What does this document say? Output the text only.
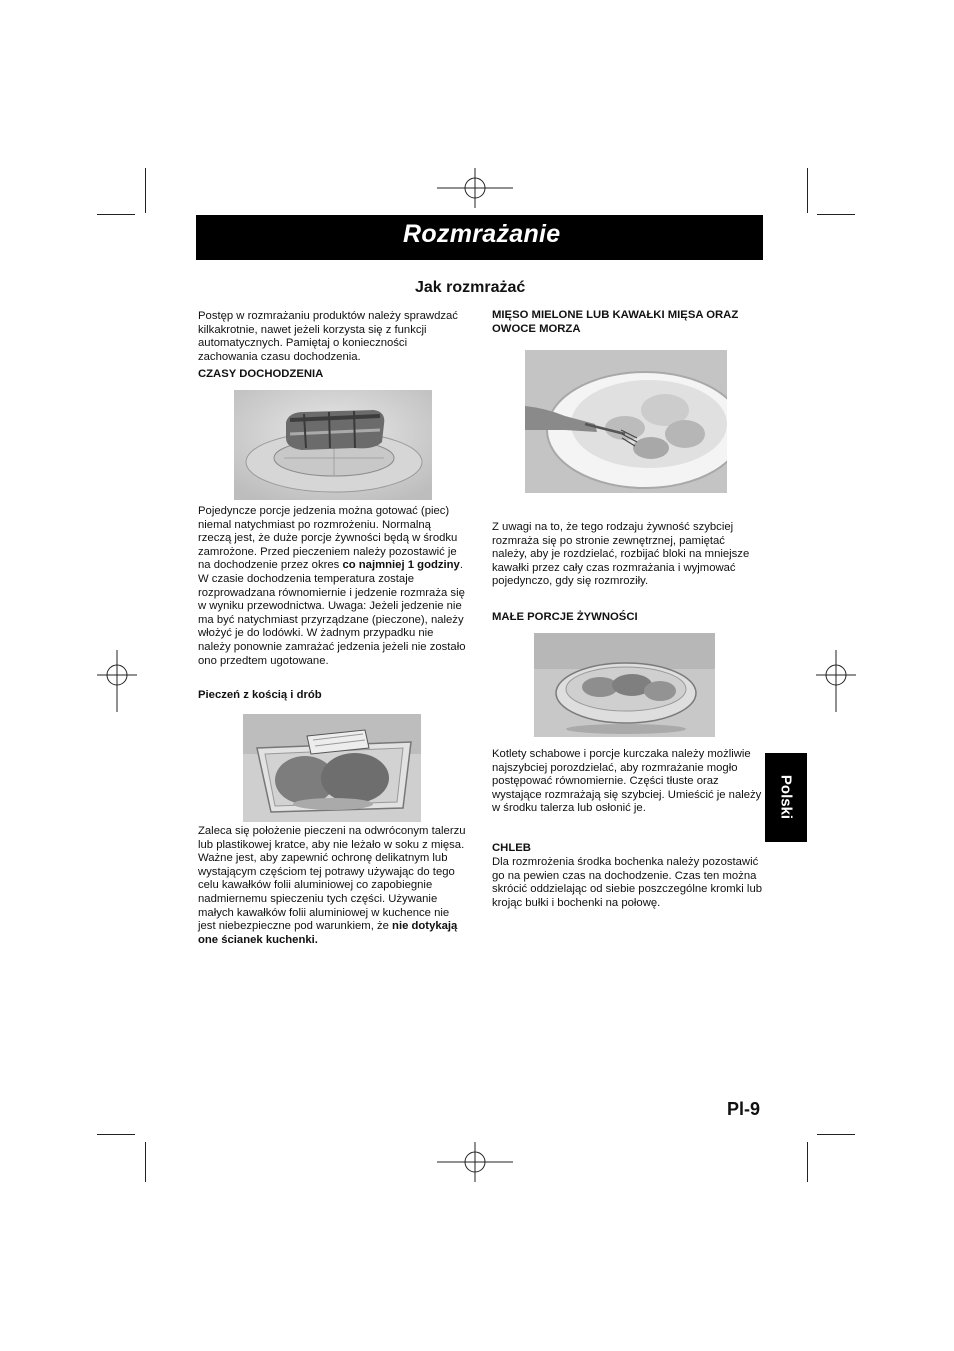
Rozmrażanie
Jak rozmrażać

Postęp w rozmrażaniu produktów należy sprawdzać kilkakrotnie, nawet jeżeli korzysta się z funkcji automatycznych. Pamiętaj o konieczności zachowania czasu dochodzenia.

CZASY DOCHODZENIA

Pojedyncze porcje jedzenia można gotować (piec) niemal natychmiast po rozmrożeniu. Normalną rzeczą jest, że duże porcje żywności będą w środku zamrożone. Przed pieczeniem należy pozostawić je na dochodzenie przez okres co najmniej 1 godziny. W czasie dochodzenia temperatura zostaje rozprowadzana równomiernie i jedzenie rozmraża się w wyniku przewodnictwa. Uwaga: Jeżeli jedzenie nie ma być natychmiast przyrządzane (pieczone), należy włożyć je do lodówki. W żadnym przypadku nie należy ponownie zamrażać jedzenia jeżeli nie zostało ono przedtem ugotowane.

Pieczeń z kością i drób

Zaleca się położenie pieczeni na odwróconym talerzu lub plastikowej kratce, aby nie leżało w soku z mięsa. Ważne jest, aby zapewnić ochronę delikatnym lub wystającym częściom tej potrawy używając do tego celu kawałków folii aluminiowej co zapobiegnie nadmiernemu spieczeniu tych części. Używanie małych kawałków folii aluminiowej w kuchence nie jest niebezpieczne pod warunkiem, że nie dotykają one ścianek kuchenki.

MIĘSO MIELONE LUB KAWAŁKI MIĘSA ORAZ OWOCE MORZA

Z uwagi na to, że tego rodzaju żywność szybciej rozmraża się po stronie zewnętrznej, pamiętać należy, aby je rozdzielać, rozbijać bloki na mniejsze kawałki przez cały czas rozmrażania i wyjmować pojedynczo, gdy się rozmroziły.

MAŁE PORCJE ŻYWNOŚCI

Kotlety schabowe i porcje kurczaka należy możliwie najszybciej porozdzielać, aby rozmrażanie mogło postępować równomiernie. Części tłuste oraz wystające rozmrażają się szybciej. Umieścić je należy w środku talerza lub osłonić je.

CHLEB

Dla rozmrożenia środka bochenka należy pozostawić go na pewien czas na dochodzenie. Czas ten można skrócić oddzielając od siebie poszczególne kromki lub krojąc bułki i bochenki na połowę.

Polski
Pl-9
